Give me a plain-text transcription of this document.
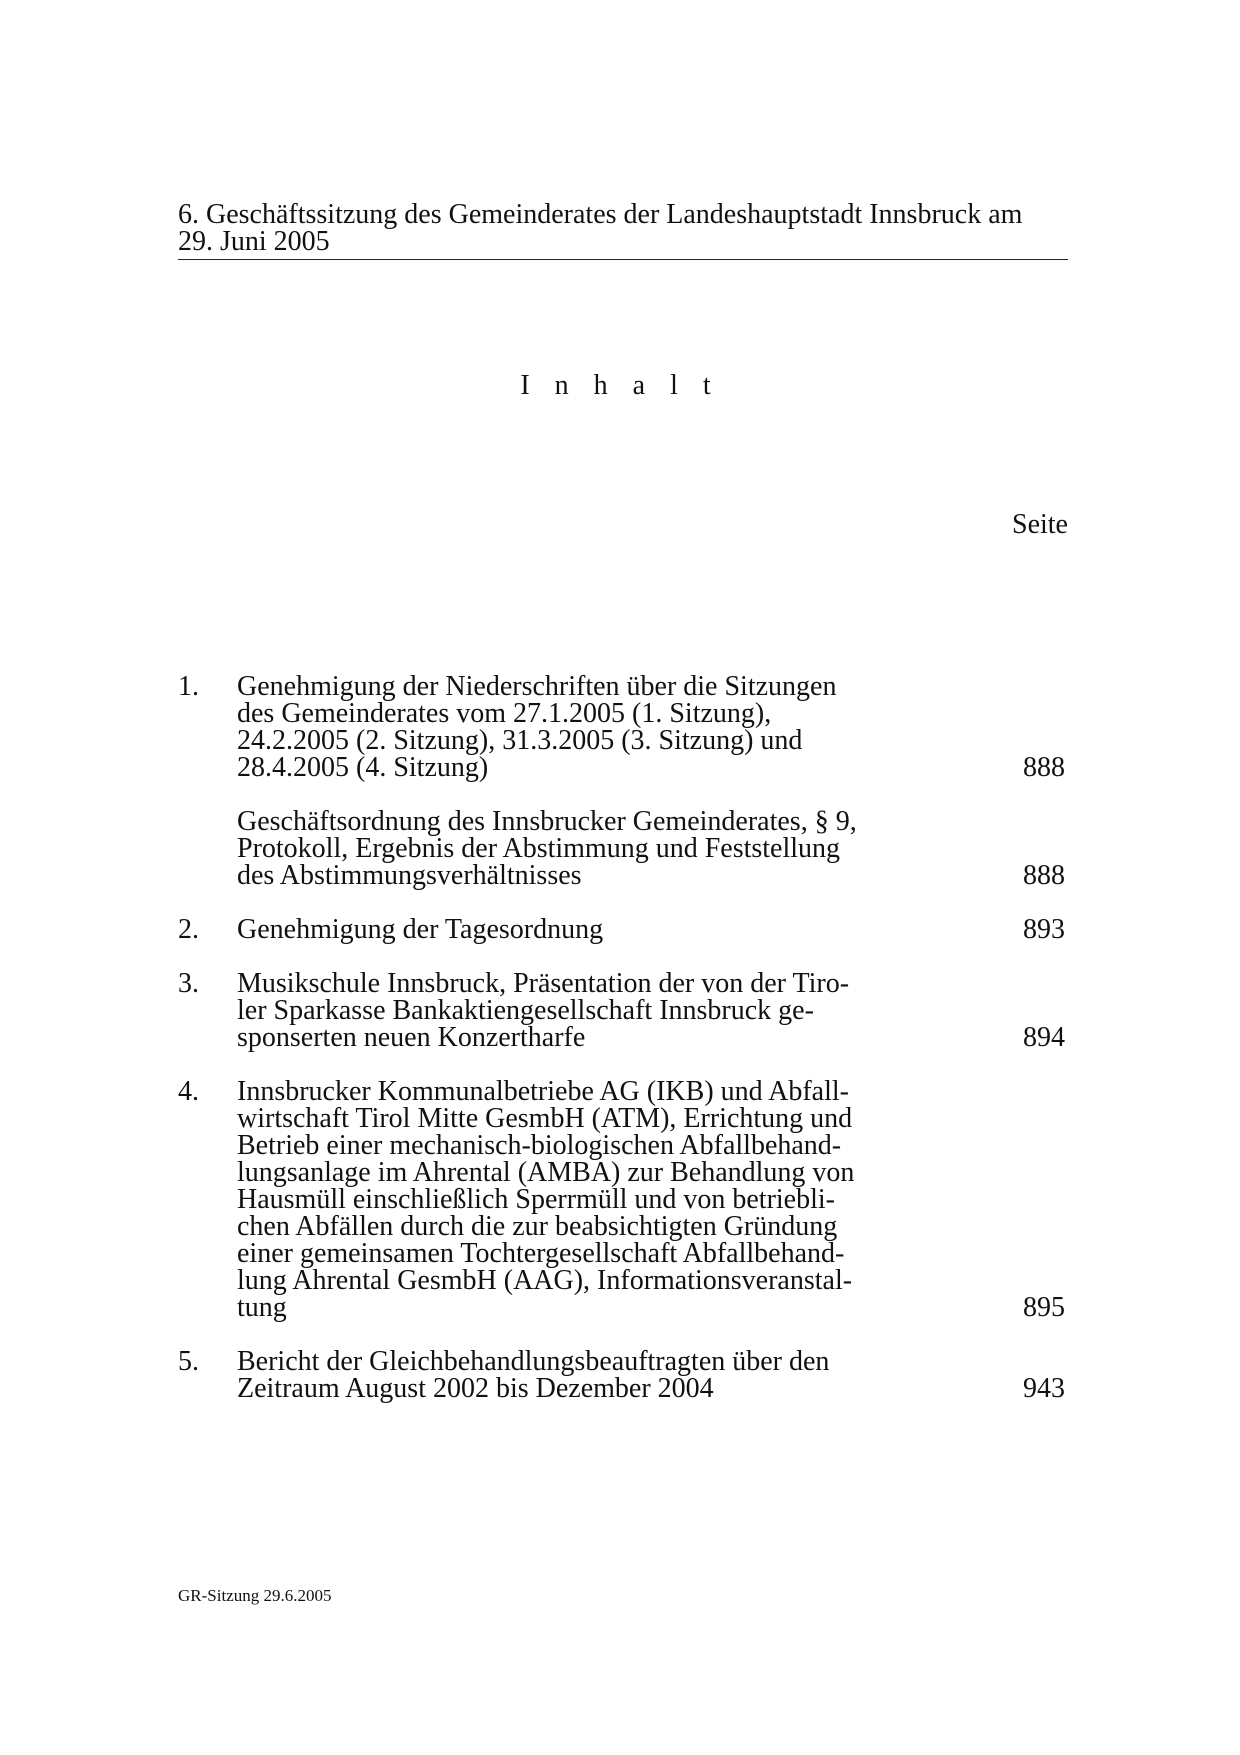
6. Geschäftssitzung des Gemeinderates der Landeshauptstadt Innsbruck am
29. Juni 2005
I n h a l t
Seite
1.	Genehmigung der Niederschriften über die Sitzungen
des Gemeinderates vom 27.1.2005 (1. Sitzung),
24.2.2005 (2. Sitzung), 31.3.2005 (3. Sitzung) und
28.4.2005 (4. Sitzung)	888
Geschäftsordnung des Innsbrucker Gemeinderates, § 9,
Protokoll, Ergebnis der Abstimmung und Feststellung
des Abstimmungsverhältnisses	888
2.	Genehmigung der Tagesordnung	893
3.	Musikschule Innsbruck, Präsentation der von der Tiro-
ler Sparkasse Bankaktiengesellschaft Innsbruck ge-
sponserten neuen Konzertharfe	894
4.	Innsbrucker Kommunalbetriebe AG (IKB) und Abfall-
wirtschaft Tirol Mitte GesmbH (ATM), Errichtung und
Betrieb einer mechanisch-biologischen Abfallbehand-
lungsanlage im Ahrental (AMBA) zur Behandlung von
Hausmüll einschließlich Sperrmüll und von betriebli-
chen Abfällen durch die zur beabsichtigten Gründung
einer gemeinsamen Tochtergesellschaft Abfallbehand-
lung Ahrental GesmbH (AAG), Informationsveranstal-
tung	895
5.	Bericht der Gleichbehandlungsbeauftragten über den
Zeitraum August 2002 bis Dezember 2004	943
GR-Sitzung 29.6.2005
